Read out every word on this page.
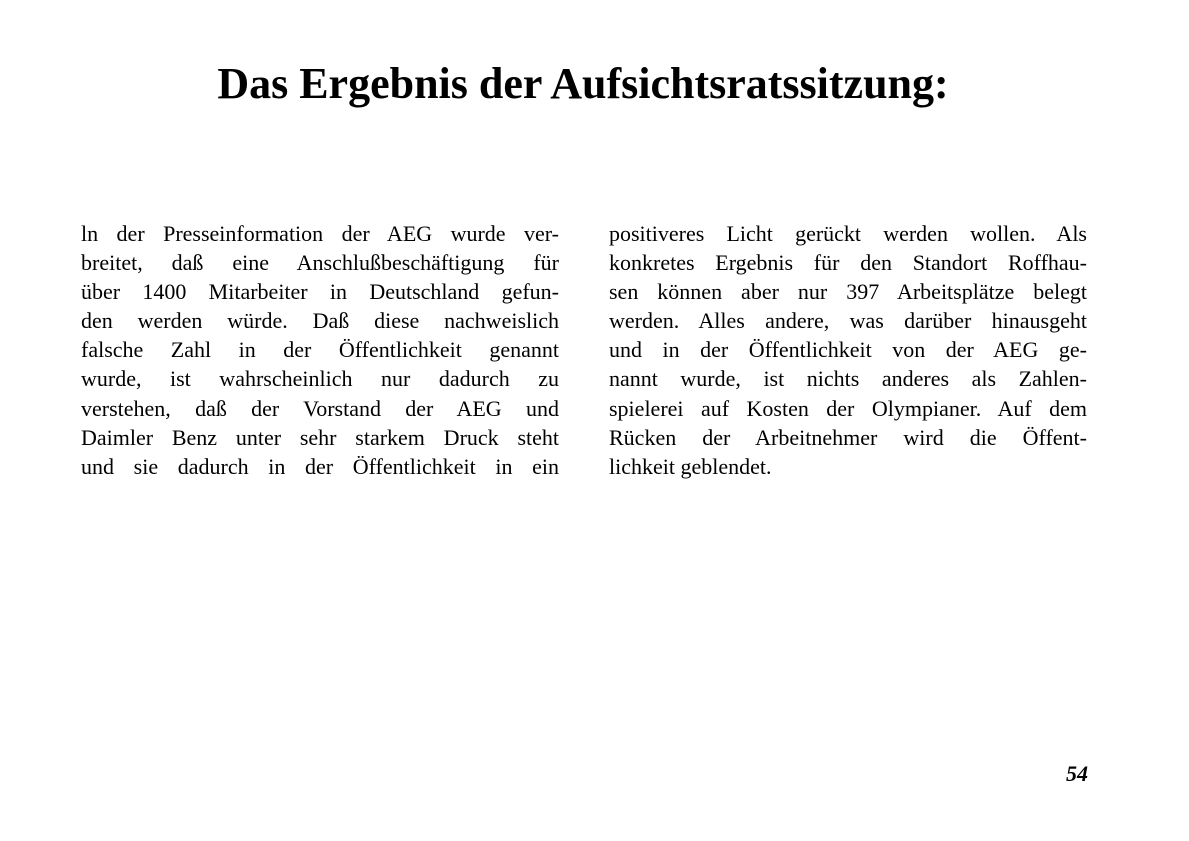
Das Ergebnis der Aufsichtsratssitzung:
ln der Presseinformation der AEG wurde ver-
breitet, daß eine Anschlußbeschäftigung für
über 1400 Mitarbeiter in Deutschland gefun-
den werden würde. Daß diese nachweislich
falsche Zahl in der Öffentlichkeit genannt
wurde, ist wahrscheinlich nur dadurch zu
verstehen, daß der Vorstand der AEG und
Daimler Benz unter sehr starkem Druck steht
und sie dadurch in der Öffentlichkeit in ein
positiveres Licht gerückt werden wollen. Als
konkretes Ergebnis für den Standort Roffhau-
sen können aber nur 397 Arbeitsplätze belegt
werden. Alles andere, was darüber hinausgeht
und in der Öffentlichkeit von der AEG ge-
nannt wurde, ist nichts anderes als Zahlen-
spielerei auf Kosten der Olympianer. Auf dem
Rücken der Arbeitnehmer wird die Öffent-
lichkeit geblendet.
54
